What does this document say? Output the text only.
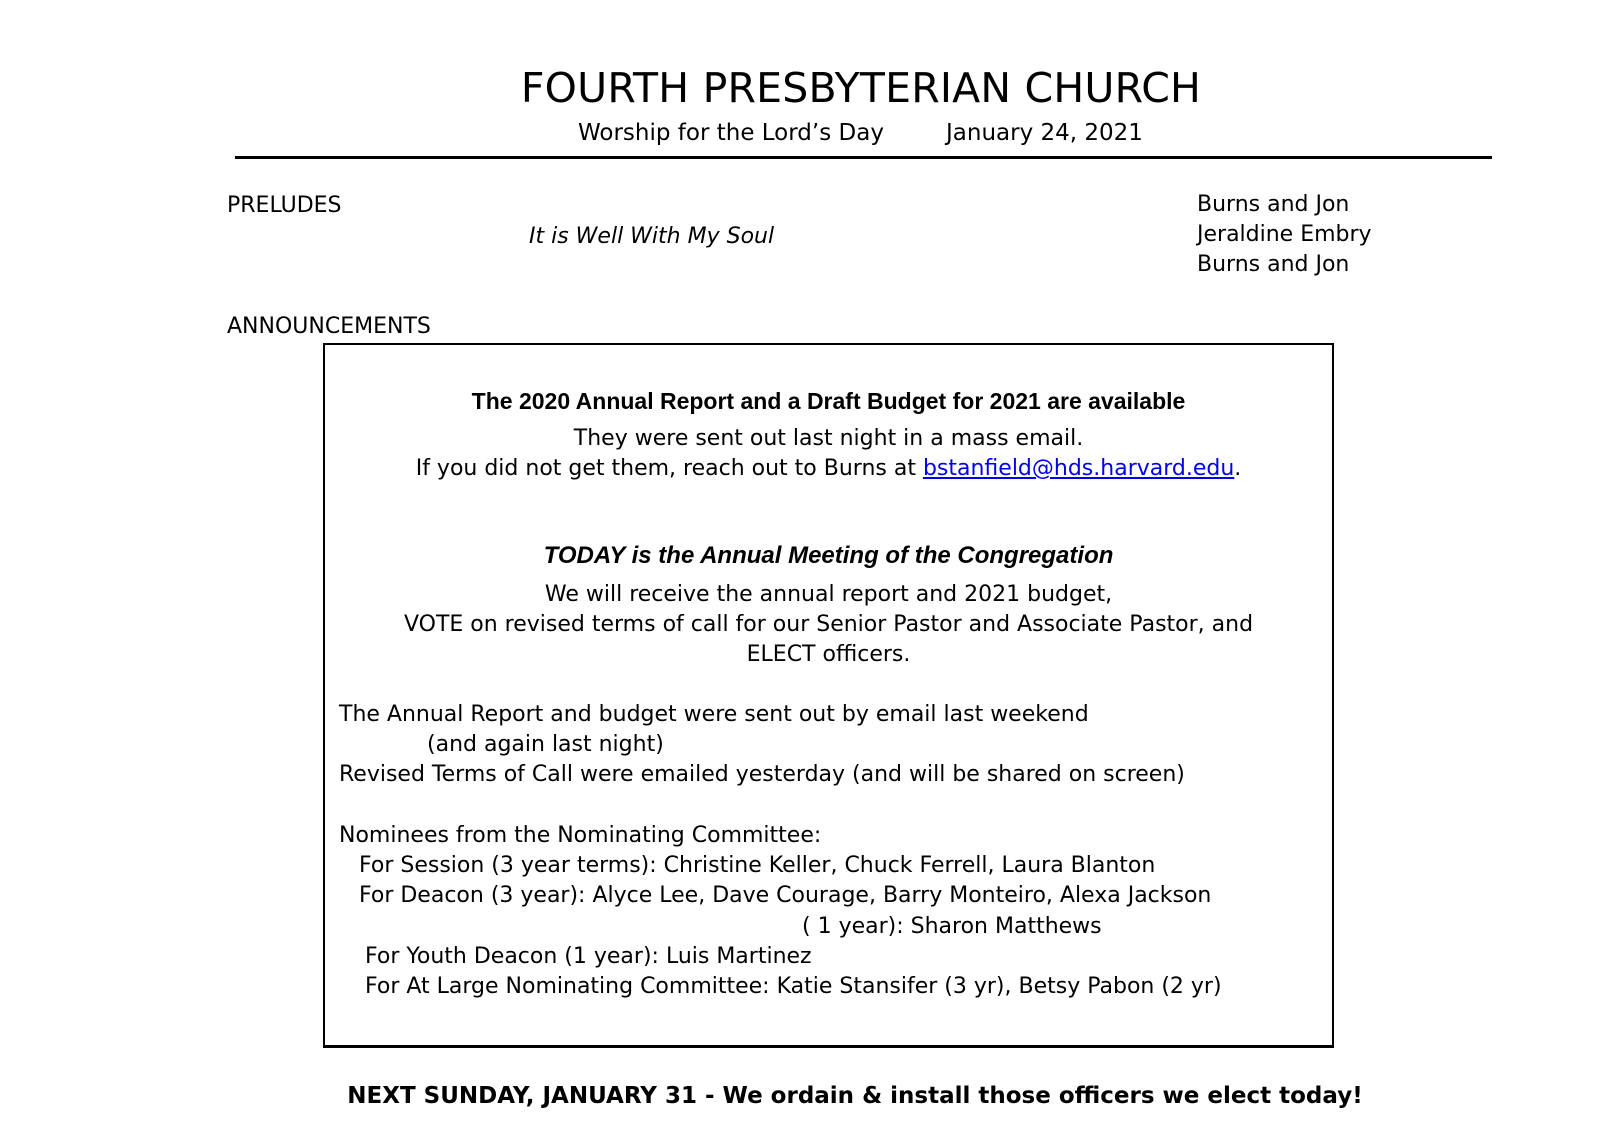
FOURTH PRESBYTERIAN CHURCH
Worship for the Lord’s Day	January 24, 2021
PRELUDES
It is Well With My Soul
Burns and Jon
Jeraldine Embry
Burns and Jon
ANNOUNCEMENTS
The 2020 Annual Report and a Draft Budget for 2021 are available
They were sent out last night in a mass email.
If you did not get them, reach out to Burns at bstanfield@hds.harvard.edu.
TODAY is the Annual Meeting of the Congregation
We will receive the annual report and 2021 budget,
VOTE on revised terms of call for our Senior Pastor and Associate Pastor, and
ELECT officers.
The Annual Report and budget were sent out by email last weekend
(and again last night)
Revised Terms of Call were emailed yesterday (and will be shared on screen)
Nominees from the Nominating Committee:
For Session (3 year terms): Christine Keller, Chuck Ferrell, Laura Blanton
For Deacon (3 year): Alyce Lee, Dave Courage, Barry Monteiro, Alexa Jackson
( 1 year): Sharon Matthews
For Youth Deacon (1 year): Luis Martinez
For At Large Nominating Committee: Katie Stansifer (3 yr), Betsy Pabon (2 yr)
NEXT SUNDAY, JANUARY 31 - We ordain & install those officers we elect today!
